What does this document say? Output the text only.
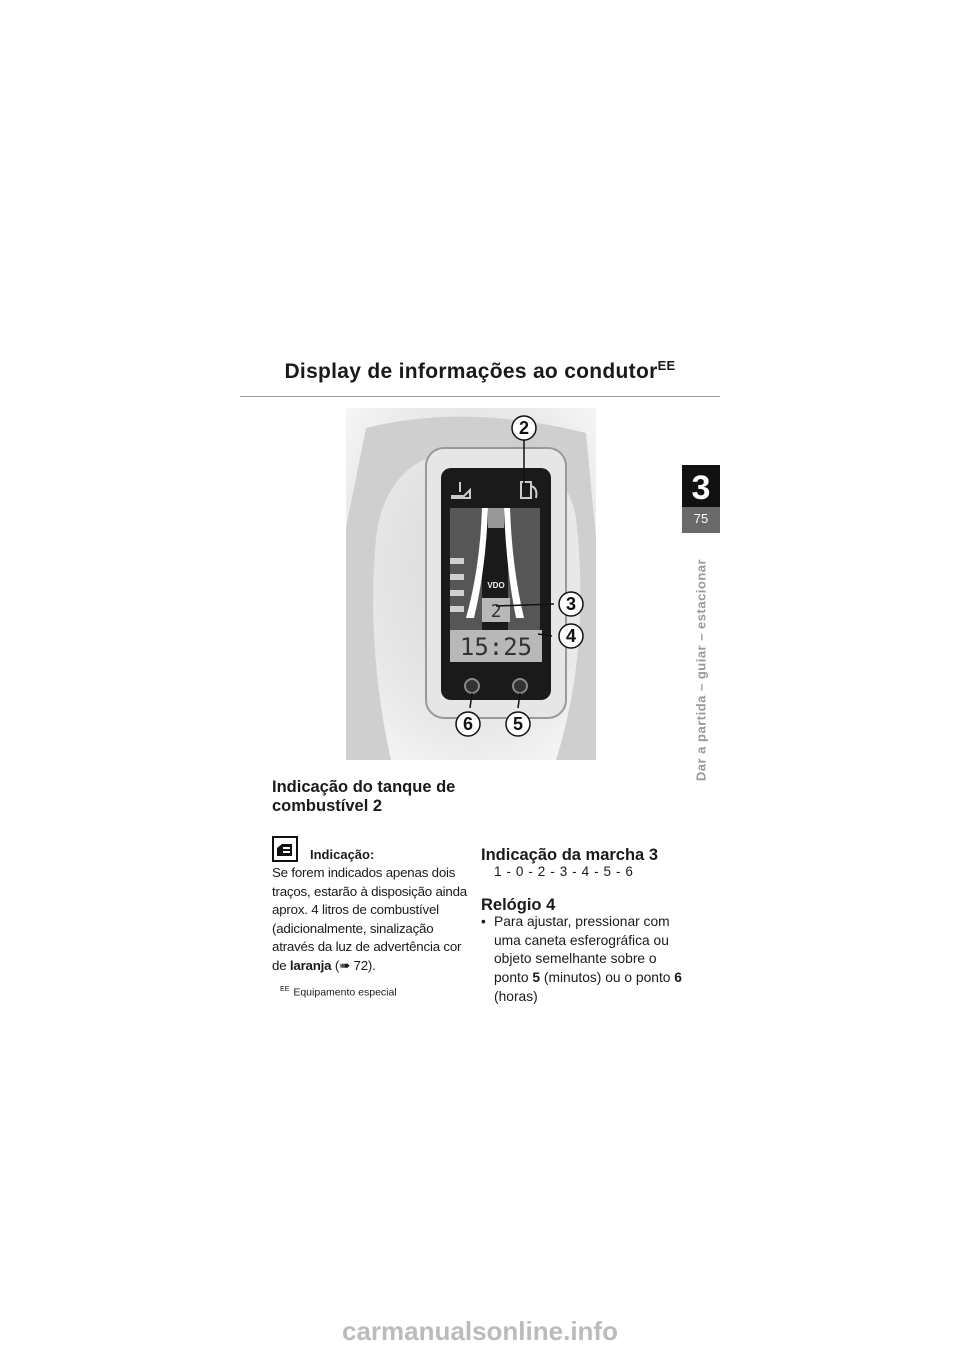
Display de informações ao condutor$^{EE}$
3
75
Dar a partida – guiar – estacionar
VDO
2
15:25
2
3
4
5
6
Indicação do tanque de combustível 2
Indicação:
Se forem indicados apenas dois traços, estarão à disposição ainda aprox. 4 litros de combustível (adicionalmente, sinalização através da luz de advertência cor de laranja (➠ 72).
$^{EE}$ Equipamento especial
Indicação da marcha 3
1 - 0 - 2 - 3 - 4 - 5 - 6
Relógio 4
• Para ajustar, pressionar com uma caneta esferográfica ou objeto semelhante sobre o ponto 5 (minutos) ou o ponto 6 (horas)
carmanualsonline.info
